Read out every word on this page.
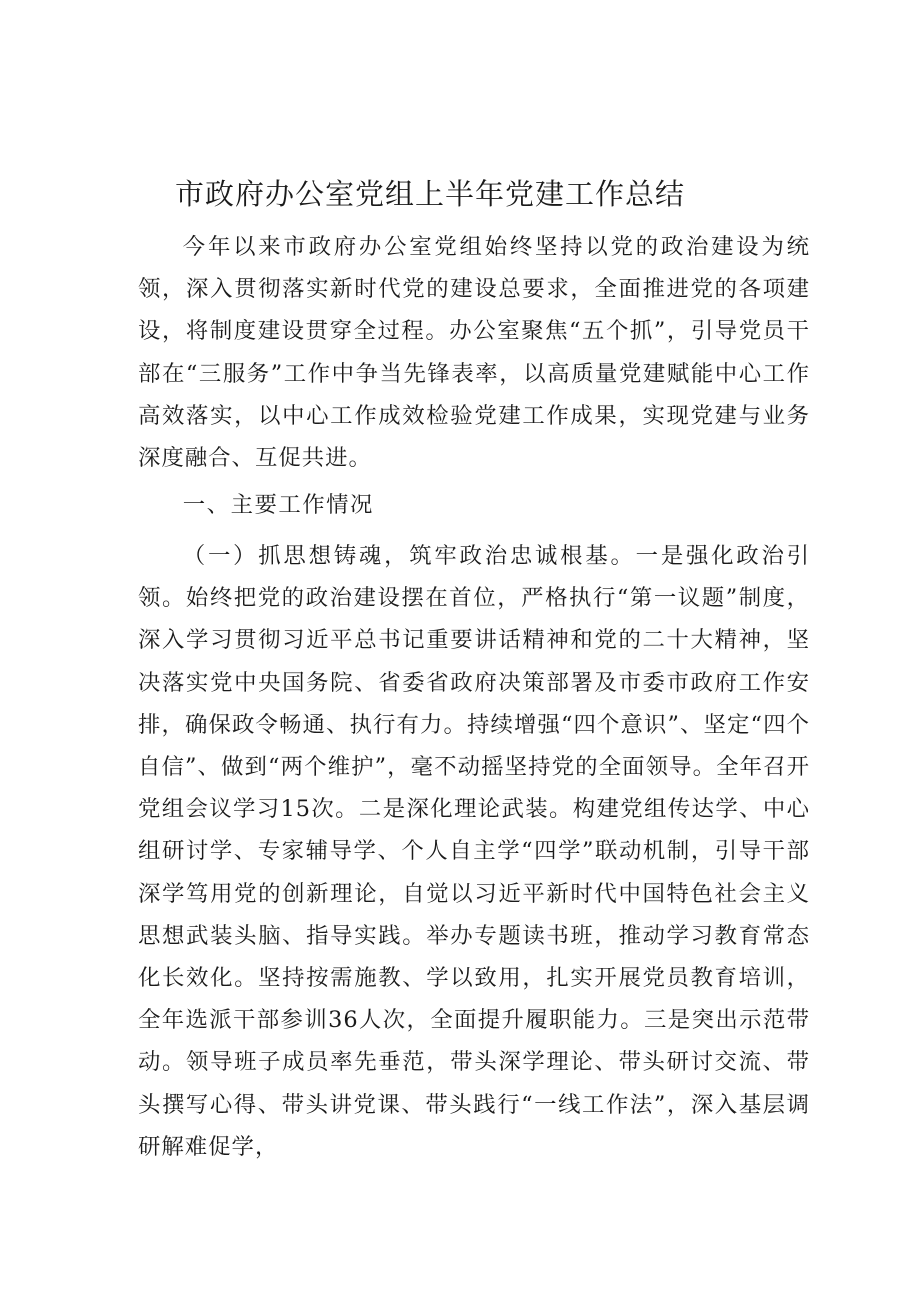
市政府办公室党组上半年党建工作总结

今年以来市政府办公室党组始终坚持以党的政治建设为统领，深入贯彻落实新时代党的建设总要求，全面推进党的各项建设，将制度建设贯穿全过程。办公室聚焦“五个抓”，引导党员干部在“三服务”工作中争当先锋表率，以高质量党建赋能中心工作高效落实，以中心工作成效检验党建工作成果，实现党建与业务深度融合、互促共进。

一、主要工作情况

（一）抓思想铸魂，筑牢政治忠诚根基。一是强化政治引领。始终把党的政治建设摆在首位，严格执行“第一议题”制度，深入学习贯彻习近平总书记重要讲话精神和党的二十大精神，坚决落实党中央国务院、省委省政府决策部署及市委市政府工作安排，确保政令畅通、执行有力。持续增强“四个意识”、坚定“四个自信”、做到“两个维护”，毫不动摇坚持党的全面领导。全年召开党组会议学习15次。二是深化理论武装。构建党组传达学、中心组研讨学、专家辅导学、个人自主学“四学”联动机制，引导干部深学笃用党的创新理论，自觉以习近平新时代中国特色社会主义思想武装头脑、指导实践。举办专题读书班，推动学习教育常态化长效化。坚持按需施教、学以致用，扎实开展党员教育培训，全年选派干部参训36人次，全面提升履职能力。三是突出示范带动。领导班子成员率先垂范，带头深学理论、带头研讨交流、带头撰写心得、带头讲党课、带头践行“一线工作法”，深入基层调研解难促学，
